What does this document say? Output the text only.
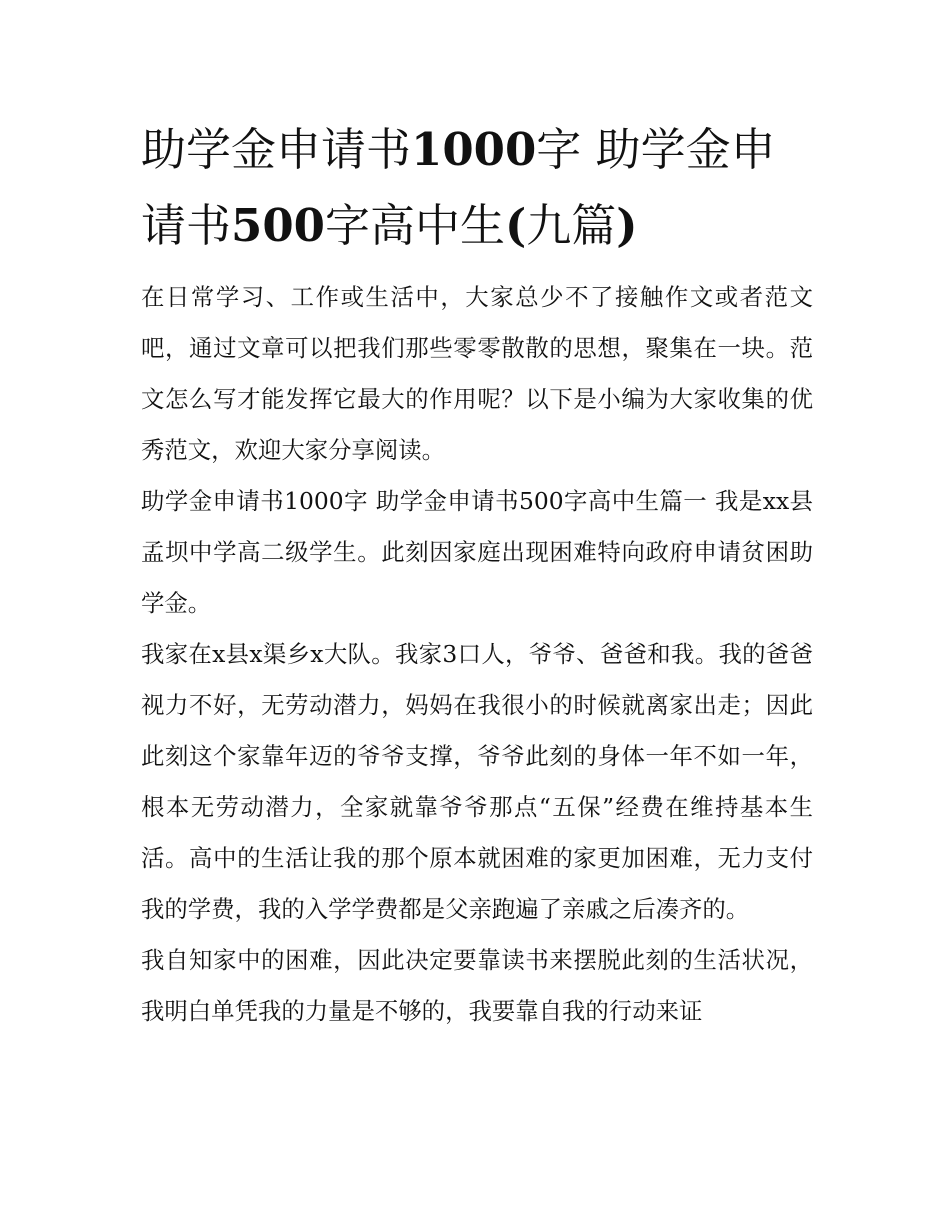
助学金申请书1000字 助学金申请书500字高中生(九篇)

在日常学习、工作或生活中，大家总少不了接触作文或者范文吧，通过文章可以把我们那些零零散散的思想，聚集在一块。范文怎么写才能发挥它最大的作用呢？以下是小编为大家收集的优秀范文，欢迎大家分享阅读。

助学金申请书1000字 助学金申请书500字高中生篇一 我是xx县孟坝中学高二级学生。此刻因家庭出现困难特向政府申请贫困助学金。

我家在x县x渠乡x大队。我家3口人，爷爷、爸爸和我。我的爸爸视力不好，无劳动潜力，妈妈在我很小的时候就离家出走；因此此刻这个家靠年迈的爷爷支撑，爷爷此刻的身体一年不如一年，根本无劳动潜力，全家就靠爷爷那点“五保”经费在维持基本生活。高中的生活让我的那个原本就困难的家更加困难，无力支付我的学费，我的入学学费都是父亲跑遍了亲戚之后凑齐的。

我自知家中的困难，因此决定要靠读书来摆脱此刻的生活状况，我明白单凭我的力量是不够的，我要靠自我的行动来证
